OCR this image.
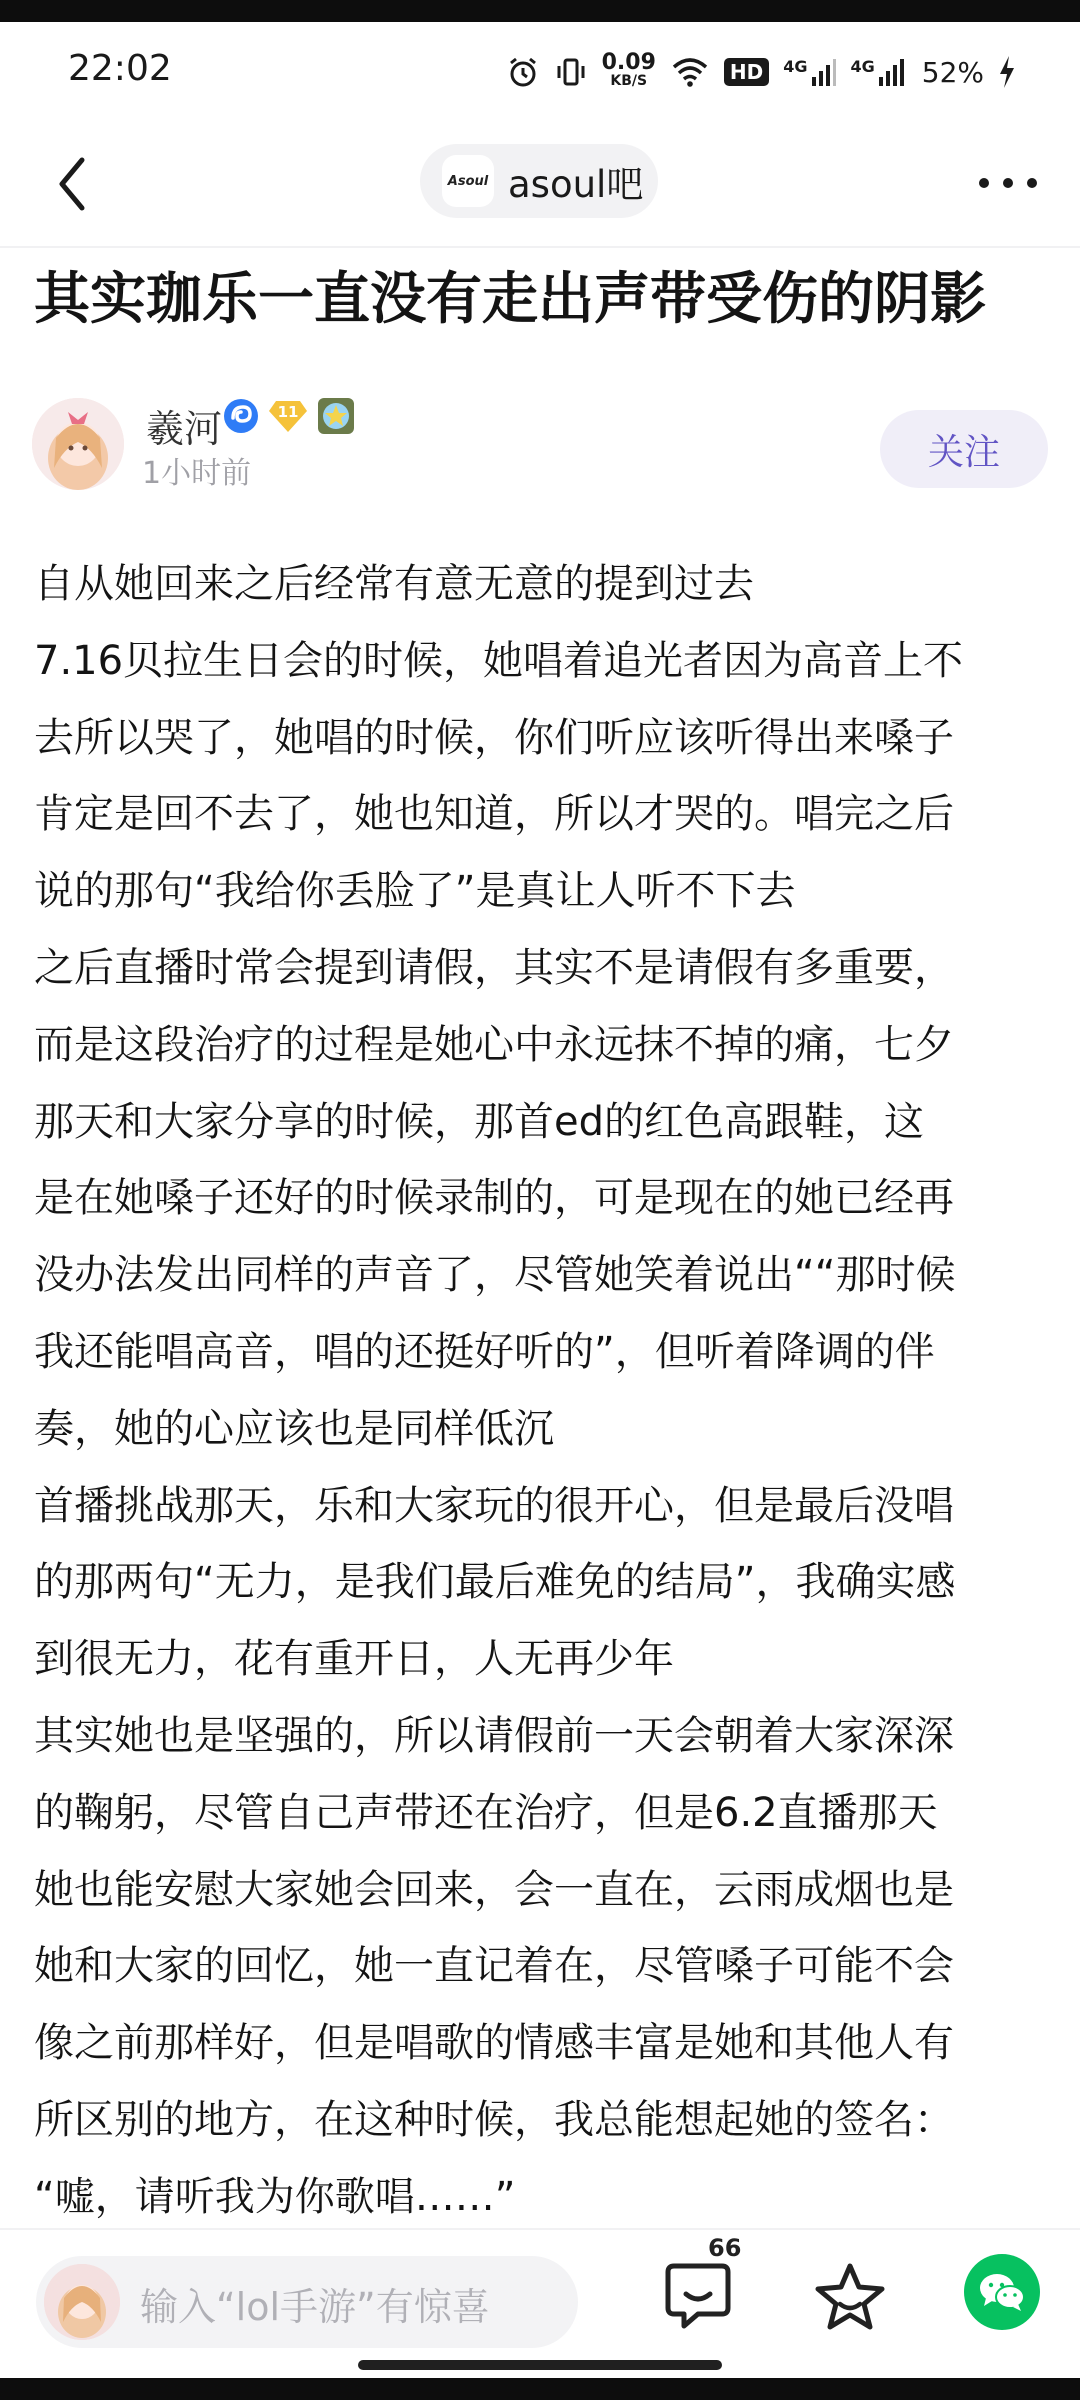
22:02	0.09
KB/S	HD	4G	4G 52%
Asoul asoul吧
其实珈乐一直没有走出声带受伤的阴影
羲河	11
1小时前
关注

自从她回来之后经常有意无意的提到过去

7.16贝拉生日会的时候，她唱着追光者因为高音上不

去所以哭了，她唱的时候，你们听应该听得出来嗓子

肯定是回不去了，她也知道，所以才哭的。唱完之后

说的那句“我给你丢脸了”是真让人听不下去

之后直播时常会提到请假，其实不是请假有多重要，

而是这段治疗的过程是她心中永远抹不掉的痛，七夕

那天和大家分享的时候，那首ed的红色高跟鞋，这

是在她嗓子还好的时候录制的，可是现在的她已经再

没办法发出同样的声音了，尽管她笑着说出““那时候

我还能唱高音，唱的还挺好听的”，但听着降调的伴

奏，她的心应该也是同样低沉

首播挑战那天，乐和大家玩的很开心，但是最后没唱

的那两句“无力，是我们最后难免的结局”，我确实感

到很无力，花有重开日，人无再少年

其实她也是坚强的，所以请假前一天会朝着大家深深

的鞠躬，尽管自己声带还在治疗，但是6.2直播那天

她也能安慰大家她会回来，会一直在，云雨成烟也是

她和大家的回忆，她一直记着在，尽管嗓子可能不会

像之前那样好，但是唱歌的情感丰富是她和其他人有

所区别的地方，在这种时候，我总能想起她的签名：

“嘘，请听我为你歌唱……”

输入“lol手游”有惊喜
66
